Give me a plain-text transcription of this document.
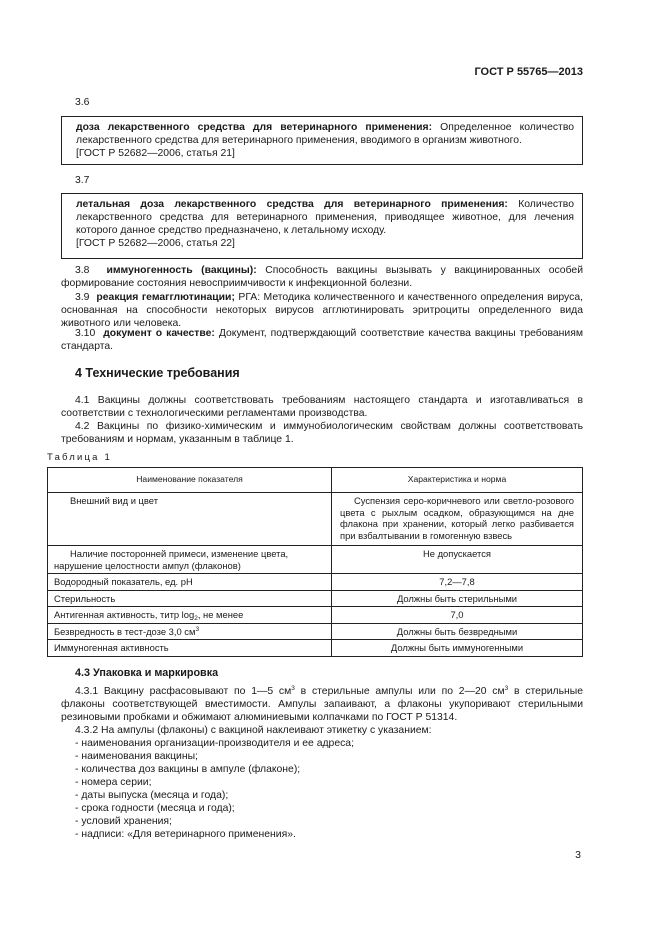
ГОСТ Р 55765—2013
3.6

доза лекарственного средства для ветеринарного применения: Определенное количество лекарственного средства для ветеринарного применения, вводимого в организм животного.

[ГОСТ Р 52682—2006, статья 21]

3.7

летальная доза лекарственного средства для ветеринарного применения: Количество лекарственного средства для ветеринарного применения, приводящее животное, для лечения которого данное средство предназначено, к летальному исходу.

[ГОСТ Р 52682—2006, статья 22]

3.8 иммуногенность (вакцины): Способность вакцины вызывать у вакцинированных особей формирование состояния невосприимчивости к инфекционной болезни.
3.9 реакция гемагглютинации; РГА: Методика количественного и качественного определения вируса, основанная на способности некоторых вирусов агглютинировать эритроциты определенного вида животного или человека.
3.10 документ о качестве: Документ, подтверждающий соответствие качества вакцины требованиям стандарта.
4 Технические требования
4.1 Вакцины должны соответствовать требованиям настоящего стандарта и изготавливаться в соответствии с технологическими регламентами производства.
4.2 Вакцины по физико-химическим и иммунобиологическим свойствам должны соответствовать требованиям и нормам, указанным в таблице 1.
Таблица 1
Наименование показателя	Характеристика и норма
Внешний вид и цвет	Суспензия серо-коричневого или светло-розового цвета с рыхлым осадком, образующимся на дне флакона при хранении, который легко разбивается при взбалтывании в гомогенную взвесь
Наличие посторонней примеси, изменение цвета, нарушение целостности ампул (флаконов)	Не допускается
Водородный показатель, ед. pH	7,2—7,8
Стерильность	Должны быть стерильными
Антигенная активность, титр $\log_2$, не менее	7,0
Безвредность в тест-дозе 3,0 $см^3$	Должны быть безвредными
Иммуногенная активность	Должны быть иммуногенными
4.3 Упаковка и маркировка
4.3.1 Вакцину расфасовывают по 1—5 $см^3$ в стерильные ампулы или по 2—20 $см^3$ в стерильные флаконы соответствующей вместимости. Ампулы запаивают, а флаконы укупоривают стерильными резиновыми пробками и обжимают алюминиевыми колпачками по ГОСТ Р 51314.
4.3.2 На ампулы (флаконы) с вакциной наклеивают этикетку с указанием:
- наименования организации-производителя и ее адреса;
- наименования вакцины;
- количества доз вакцины в ампуле (флаконе);
- номера серии;
- даты выпуска (месяца и года);
- срока годности (месяца и года);
- условий хранения;
- надписи: «Для ветеринарного применения».
3
